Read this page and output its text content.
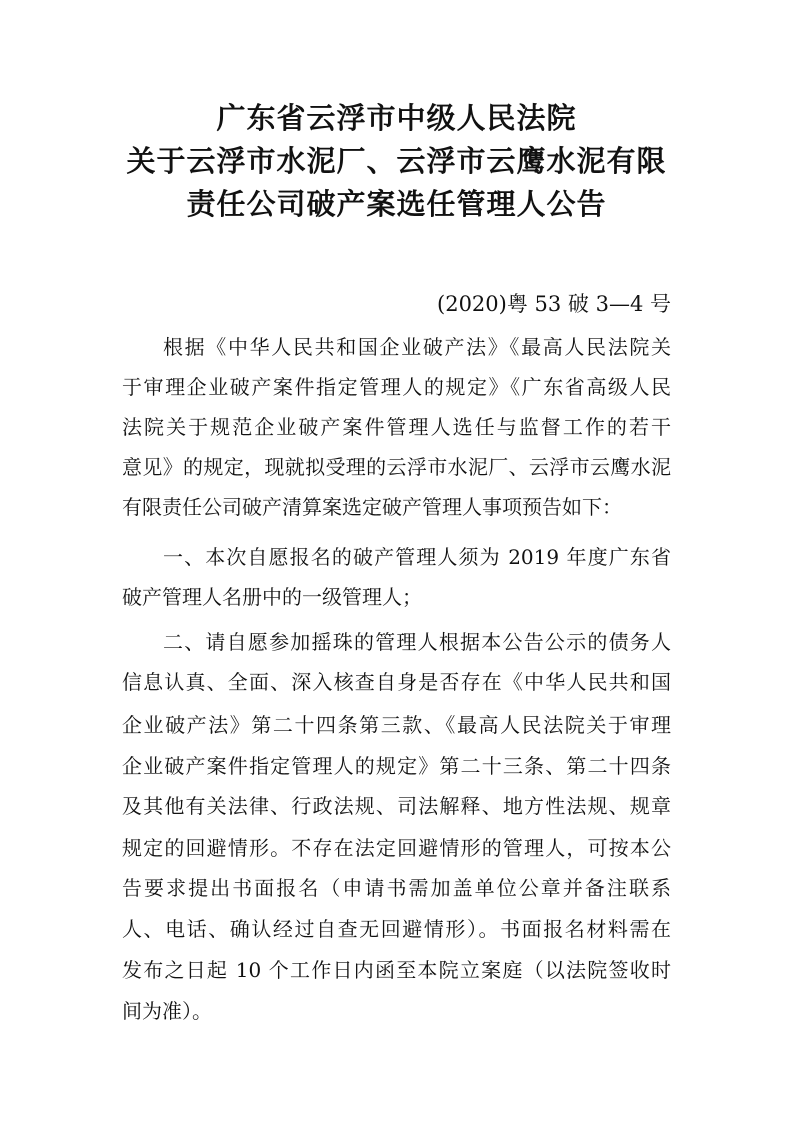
广东省云浮市中级人民法院
关于云浮市水泥厂、云浮市云鹰水泥有限
责任公司破产案选任管理人公告
(2020)粤 53 破 3—4 号
根据《中华人民共和国企业破产法》《最高人民法院关
于审理企业破产案件指定管理人的规定》《广东省高级人民
法院关于规范企业破产案件管理人选任与监督工作的若干
意见》的规定，现就拟受理的云浮市水泥厂、云浮市云鹰水泥
有限责任公司破产清算案选定破产管理人事项预告如下：
一、本次自愿报名的破产管理人须为 2019 年度广东省
破产管理人名册中的一级管理人；
二、请自愿参加摇珠的管理人根据本公告公示的债务人
信息认真、全面、深入核查自身是否存在《中华人民共和国
企业破产法》第二十四条第三款、《最高人民法院关于审理
企业破产案件指定管理人的规定》第二十三条、第二十四条
及其他有关法律、行政法规、司法解释、地方性法规、规章
规定的回避情形。不存在法定回避情形的管理人，可按本公
告要求提出书面报名（申请书需加盖单位公章并备注联系
人、电话、确认经过自查无回避情形）。书面报名材料需在
发布之日起 10 个工作日内函至本院立案庭（以法院签收时
间为准）。
